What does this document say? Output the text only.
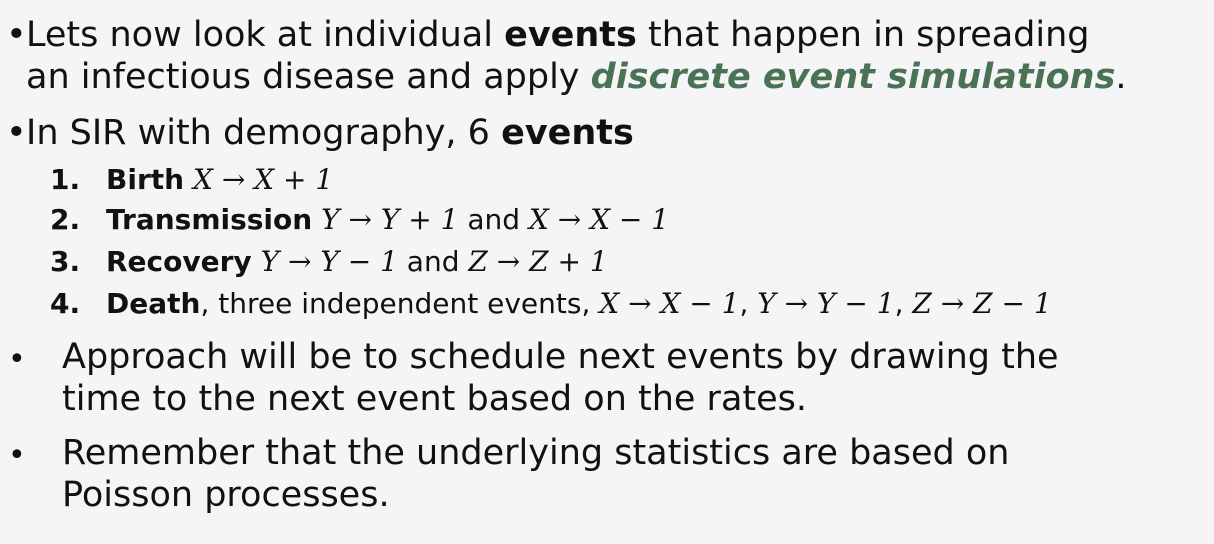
• Lets now look at individual events that happen in spreading
an infectious disease and apply discrete event simulations.
• In SIR with demography, 6 events
1. Birth X → X + 1
2. Transmission Y → Y + 1 and X → X − 1
3. Recovery Y → Y − 1 and Z → Z + 1
4. Death, three independent events, X → X − 1, Y → Y − 1, Z → Z − 1
• Approach will be to schedule next events by drawing the
time to the next event based on the rates.
• Remember that the underlying statistics are based on
Poisson processes.
